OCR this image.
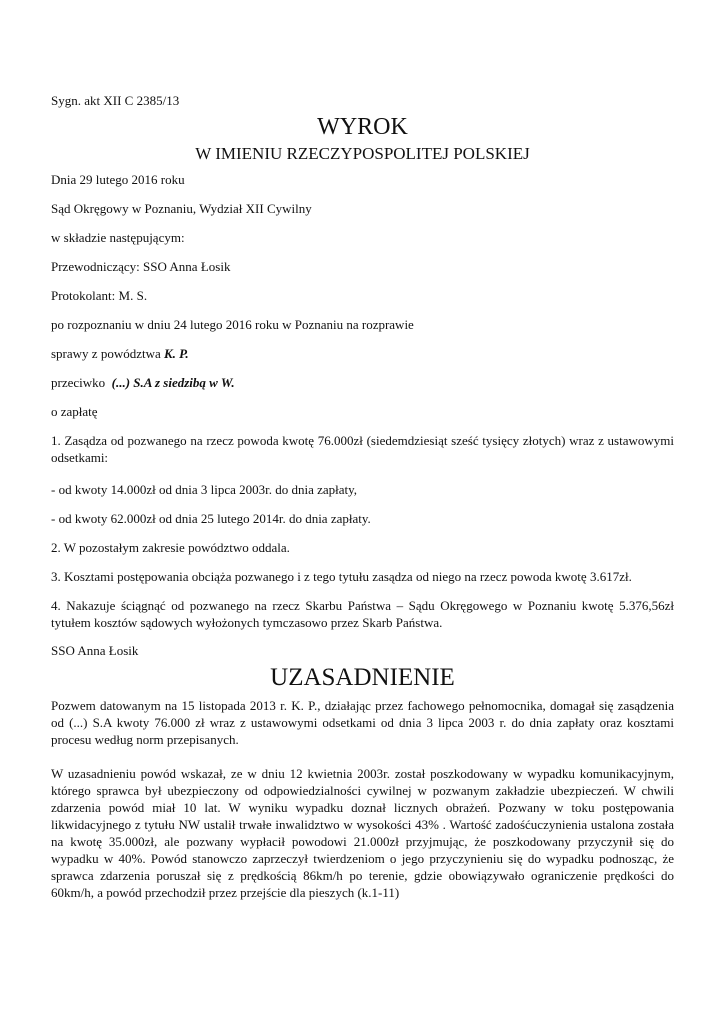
Sygn. akt XII C 2385/13
WYROK
W IMIENIU RZECZYPOSPOLITEJ POLSKIEJ
Dnia 29 lutego 2016 roku
Sąd Okręgowy w Poznaniu, Wydział XII Cywilny
w składzie następującym:
Przewodniczący: SSO Anna Łosik
Protokolant: M. S.
po rozpoznaniu w dniu 24 lutego 2016 roku w Poznaniu na rozprawie
sprawy z powództwa K. P.
przeciwko  (...) S.A z siedzibą w W.
o zapłatę
1. Zasądza od pozwanego na rzecz powoda kwotę 76.000zł (siedemdziesiąt sześć tysięcy złotych) wraz z ustawowymi odsetkami:
- od kwoty 14.000zł od dnia 3 lipca 2003r. do dnia zapłaty,
- od kwoty 62.000zł od dnia 25 lutego 2014r. do dnia zapłaty.
2. W pozostałym zakresie powództwo oddala.
3. Kosztami postępowania obciąża pozwanego i z tego tytułu zasądza od niego na rzecz powoda kwotę 3.617zł.
4. Nakazuje ściągnąć od pozwanego na rzecz Skarbu Państwa – Sądu Okręgowego w Poznaniu kwotę 5.376,56zł tytułem kosztów sądowych wyłożonych tymczasowo przez Skarb Państwa.
SSO Anna Łosik
UZASADNIENIE
Pozwem datowanym na 15 listopada 2013 r. K. P., działając przez fachowego pełnomocnika, domagał się zasądzenia od (...) S.A kwoty 76.000 zł wraz z ustawowymi odsetkami od dnia 3 lipca 2003 r. do dnia zapłaty oraz kosztami procesu według norm przepisanych.
W uzasadnieniu powód wskazał, ze w dniu 12 kwietnia 2003r. został poszkodowany w wypadku komunikacyjnym, którego sprawca był ubezpieczony od odpowiedzialności cywilnej w pozwanym zakładzie ubezpieczeń. W chwili zdarzenia powód miał 10 lat. W wyniku wypadku doznał licznych obrażeń. Pozwany w toku postępowania likwidacyjnego z tytułu NW ustalił trwałe inwalidztwo w wysokości 43% . Wartość zadośćuczynienia ustalona została na kwotę 35.000zł, ale pozwany wypłacił powodowi 21.000zł przyjmując, że poszkodowany przyczynił się do wypadku w 40%. Powód stanowczo zaprzeczył twierdzeniom o jego przyczynieniu się do wypadku podnosząc, że sprawca zdarzenia poruszał się z prędkością 86km/h po terenie, gdzie obowiązywało ograniczenie prędkości do 60km/h, a powód przechodził przez przejście dla pieszych (k.1-11)
